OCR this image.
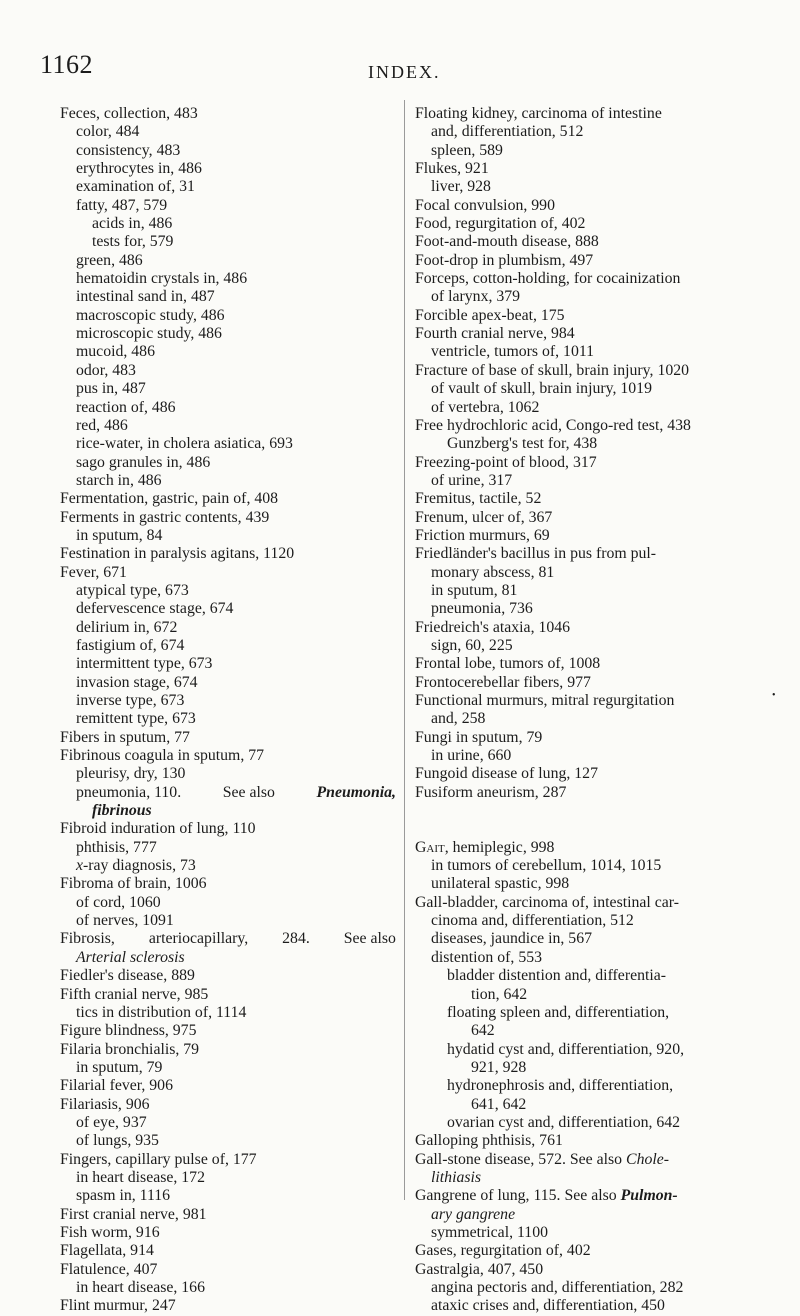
1162	INDEX.
•
Feces, collection, 483
color, 484
consistency, 483
erythrocytes in, 486
examination of, 31
fatty, 487, 579
acids in, 486
tests for, 579
green, 486
hematoidin crystals in, 486
intestinal sand in, 487
macroscopic study, 486
microscopic study, 486
mucoid, 486
odor, 483
pus in, 487
reaction of, 486
red, 486
rice-water, in cholera asiatica, 693
sago granules in, 486
starch in, 486
Fermentation, gastric, pain of, 408
Ferments in gastric contents, 439
in sputum, 84
Festination in paralysis agitans, 1120
Fever, 671
atypical type, 673
defervescence stage, 674
delirium in, 672
fastigium of, 674
intermittent type, 673
invasion stage, 674
inverse type, 673
remittent type, 673
Fibers in sputum, 77
Fibrinous coagula in sputum, 77
pleurisy, dry, 130
pneumonia, 110.	See also	Pneumonia,
fibrinous
Fibroid induration of lung, 110
phthisis, 777
x-ray diagnosis, 73
Fibroma of brain, 1006
of cord, 1060
of nerves, 1091
Fibrosis, arteriocapillary, 284. See also
Arterial sclerosis
Fiedler's disease, 889
Fifth cranial nerve, 985
tics in distribution of, 1114
Figure blindness, 975
Filaria bronchialis, 79
in sputum, 79
Filarial fever, 906
Filariasis, 906
of eye, 937
of lungs, 935
Fingers, capillary pulse of, 177
in heart disease, 172
spasm in, 1116
First cranial nerve, 981
Fish worm, 916
Flagellata, 914
Flatulence, 407
in heart disease, 166
Flint murmur, 247
Floating kidney, carcinoma of intestine
and, differentiation, 512
spleen, 589
Flukes, 921
liver, 928
Focal convulsion, 990
Food, regurgitation of, 402
Foot-and-mouth disease, 888
Foot-drop in plumbism, 497
Forceps, cotton-holding, for cocainization
of larynx, 379
Forcible apex-beat, 175
Fourth cranial nerve, 984
ventricle, tumors of, 1011
Fracture of base of skull, brain injury, 1020
of vault of skull, brain injury, 1019
of vertebra, 1062
Free hydrochloric acid, Congo-red test, 438
Gunzberg's test for, 438
Freezing-point of blood, 317
of urine, 317
Fremitus, tactile, 52
Frenum, ulcer of, 367
Friction murmurs, 69
Friedländer's bacillus in pus from pul-
monary abscess, 81
in sputum, 81
pneumonia, 736
Friedreich's ataxia, 1046
sign, 60, 225
Frontal lobe, tumors of, 1008
Frontocerebellar fibers, 977
Functional murmurs, mitral regurgitation
and, 258
Fungi in sputum, 79
in urine, 660
Fungoid disease of lung, 127
Fusiform aneurism, 287
Gait, hemiplegic, 998
in tumors of cerebellum, 1014, 1015
unilateral spastic, 998
Gall-bladder, carcinoma of, intestinal car-
cinoma and, differentiation, 512
diseases, jaundice in, 567
distention of, 553
bladder distention and, differentia-
tion, 642
floating spleen and, differentiation,
642
hydatid cyst and, differentiation, 920,
921, 928
hydronephrosis and, differentiation,
641, 642
ovarian cyst and, differentiation, 642
Galloping phthisis, 761
Gall-stone disease, 572. See also Chole-
lithiasis
Gangrene of lung, 115. See also Pulmon-
ary gangrene
symmetrical, 1100
Gases, regurgitation of, 402
Gastralgia, 407, 450
angina pectoris and, differentiation, 282
ataxic crises and, differentiation, 450
